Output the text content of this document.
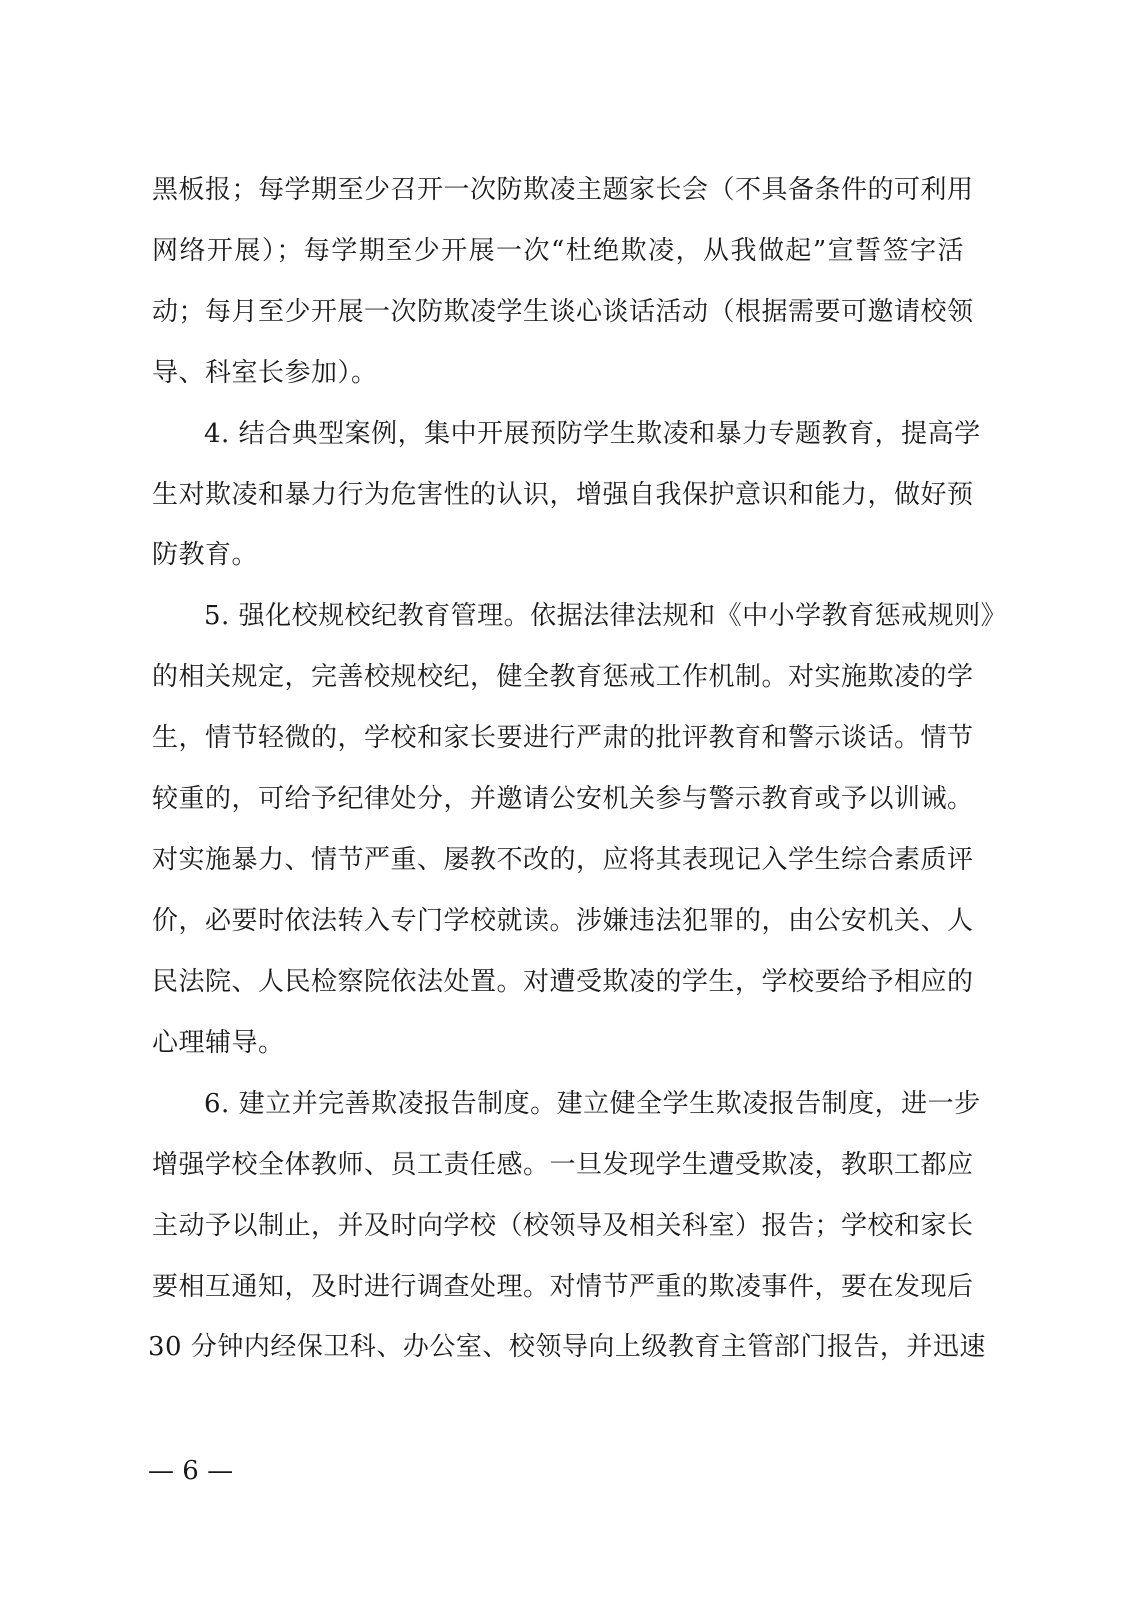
黑板报；每学期至少召开一次防欺凌主题家长会（不具备条件的可利用
网络开展）；每学期至少开展一次“杜绝欺凌，从我做起”宣誓签字活
动；每月至少开展一次防欺凌学生谈心谈话活动（根据需要可邀请校领
导、科室长参加）。
4. 结合典型案例，集中开展预防学生欺凌和暴力专题教育，提高学
生对欺凌和暴力行为危害性的认识，增强自我保护意识和能力，做好预
防教育。
5. 强化校规校纪教育管理。依据法律法规和《中小学教育惩戒规则》
的相关规定，完善校规校纪，健全教育惩戒工作机制。对实施欺凌的学
生，情节轻微的，学校和家长要进行严肃的批评教育和警示谈话。情节
较重的，可给予纪律处分，并邀请公安机关参与警示教育或予以训诫。
对实施暴力、情节严重、屡教不改的，应将其表现记入学生综合素质评
价，必要时依法转入专门学校就读。涉嫌违法犯罪的，由公安机关、人
民法院、人民检察院依法处置。对遭受欺凌的学生，学校要给予相应的
心理辅导。
6. 建立并完善欺凌报告制度。建立健全学生欺凌报告制度，进一步
增强学校全体教师、员工责任感。一旦发现学生遭受欺凌，教职工都应
主动予以制止，并及时向学校（校领导及相关科室）报告；学校和家长
要相互通知，及时进行调查处理。对情节严重的欺凌事件，要在发现后
30 分钟内经保卫科、办公室、校领导向上级教育主管部门报告，并迅速
— 6 —
